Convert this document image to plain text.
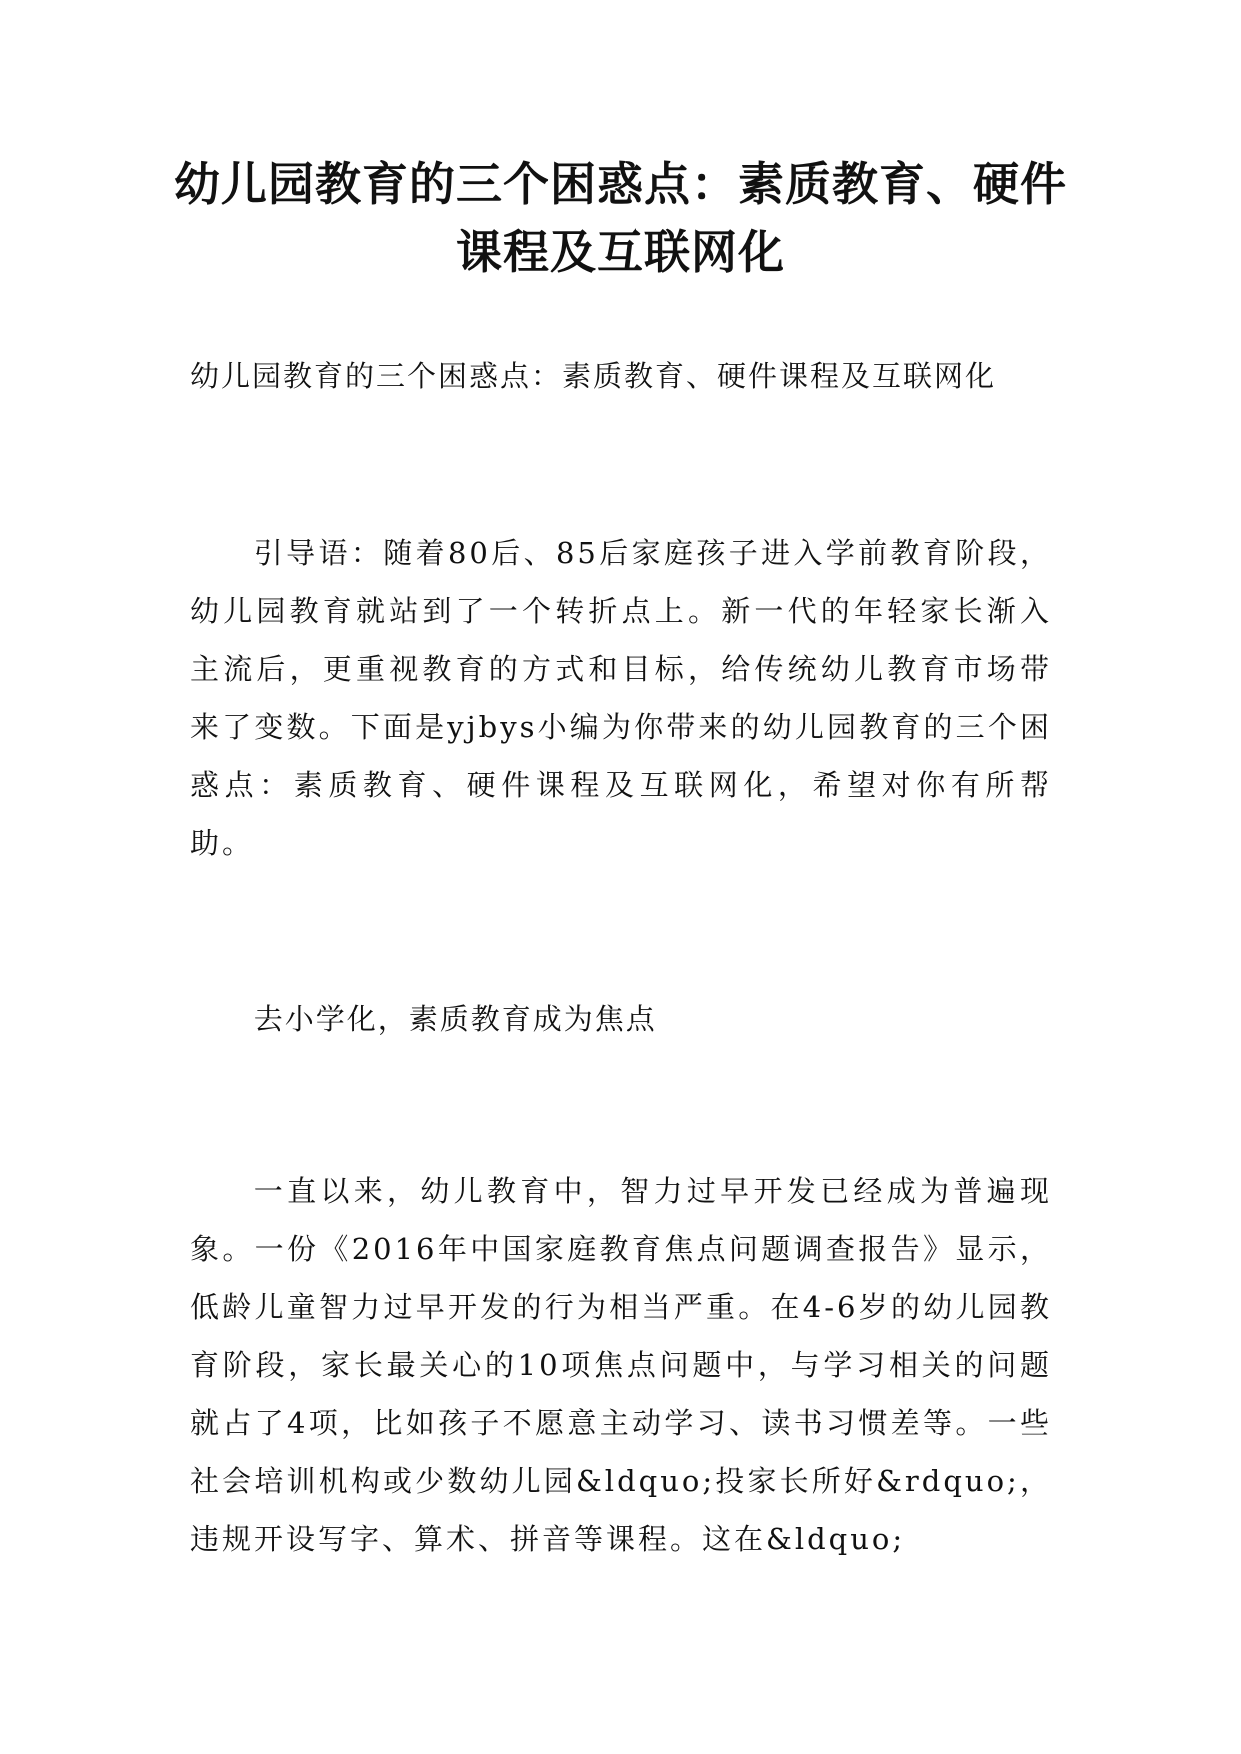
幼儿园教育的三个困惑点：素质教育、硬件
课程及互联网化

幼儿园教育的三个困惑点：素质教育、硬件课程及互联网化

引导语：随着80后、85后家庭孩子进入学前教育阶段，幼儿园教育就站到了一个转折点上。新一代的年轻家长渐入主流后，更重视教育的方式和目标，给传统幼儿教育市场带来了变数。下面是yjbys小编为你带来的幼儿园教育的三个困惑点：素质教育、硬件课程及互联网化，希望对你有所帮助。

去小学化，素质教育成为焦点

一直以来，幼儿教育中，智力过早开发已经成为普遍现象。一份《2016年中国家庭教育焦点问题调查报告》显示，低龄儿童智力过早开发的行为相当严重。在4-6岁的幼儿园教育阶段，家长最关心的10项焦点问题中，与学习相关的问题就占了4项，比如孩子不愿意主动学习、读书习惯差等。一些社会培训机构或少数幼儿园&ldquo;投家长所好&rdquo;，违规开设写字、算术、拼音等课程。这在&ldquo;
